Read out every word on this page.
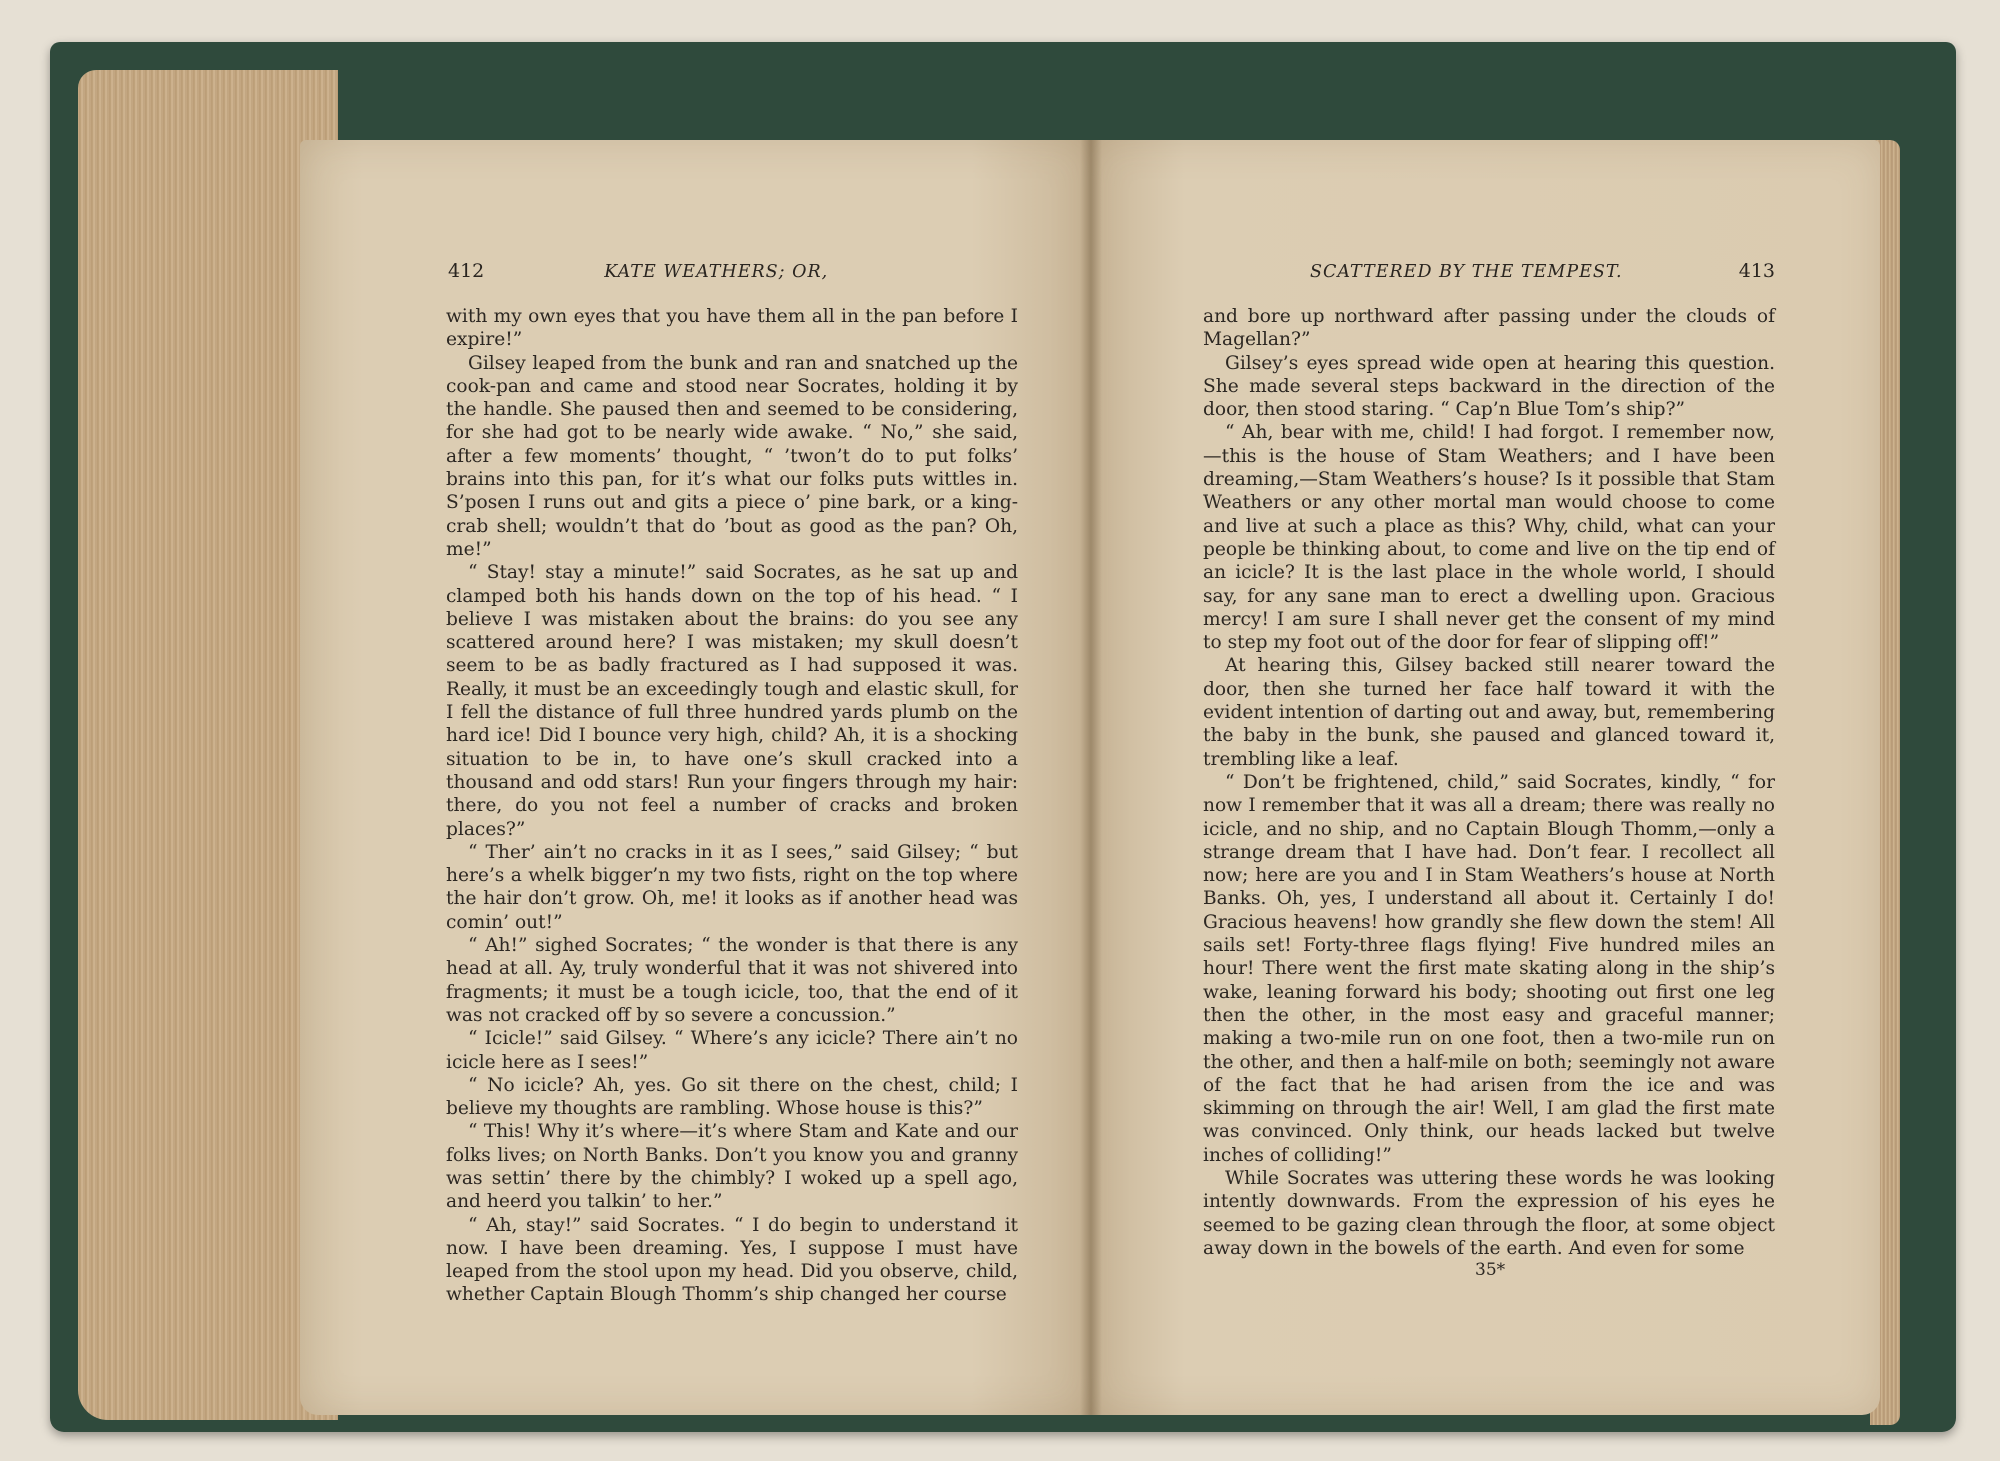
412	KATE WEATHERS; OR,	SCATTERED BY THE TEMPEST.	413

with my own eyes that you have them all in the pan before I expire!”

Gilsey leaped from the bunk and ran and snatched up the cook-pan and came and stood near Socrates, holding it by the handle. She paused then and seemed to be considering, for she had got to be nearly wide awake. “ No,” she said, after a few moments’ thought, “ ’twon’t do to put folks’ brains into this pan, for it’s what our folks puts wittles in. S’posen I runs out and gits a piece o’ pine bark, or a king-crab shell; wouldn’t that do ’bout as good as the pan? Oh, me!”

“ Stay! stay a minute!” said Socrates, as he sat up and clamped both his hands down on the top of his head. “ I believe I was mistaken about the brains: do you see any scattered around here? I was mistaken; my skull doesn’t seem to be as badly fractured as I had supposed it was. Really, it must be an exceedingly tough and elastic skull, for I fell the distance of full three hundred yards plumb on the hard ice! Did I bounce very high, child? Ah, it is a shocking situation to be in, to have one’s skull cracked into a thousand and odd stars! Run your fingers through my hair: there, do you not feel a number of cracks and broken places?”

“ Ther’ ain’t no cracks in it as I sees,” said Gilsey; “ but here’s a whelk bigger’n my two fists, right on the top where the hair don’t grow. Oh, me! it looks as if another head was comin’ out!”

“ Ah!” sighed Socrates; “ the wonder is that there is any head at all. Ay, truly wonderful that it was not shivered into fragments; it must be a tough icicle, too, that the end of it was not cracked off by so severe a concussion.”

“ Icicle!” said Gilsey. “ Where’s any icicle? There ain’t no icicle here as I sees!”

“ No icicle? Ah, yes. Go sit there on the chest, child; I believe my thoughts are rambling. Whose house is this?”

“ This! Why it’s where—it’s where Stam and Kate and our folks lives; on North Banks. Don’t you know you and granny was settin’ there by the chimbly? I woked up a spell ago, and heerd you talkin’ to her.”

“ Ah, stay!” said Socrates. “ I do begin to understand it now. I have been dreaming. Yes, I suppose I must have leaped from the stool upon my head. Did you observe, child, whether Captain Blough Thomm’s ship changed her course

and bore up northward after passing under the clouds of Magellan?”

Gilsey’s eyes spread wide open at hearing this question. She made several steps backward in the direction of the door, then stood staring. “ Cap’n Blue Tom’s ship?”

“ Ah, bear with me, child! I had forgot. I remember now,—this is the house of Stam Weathers; and I have been dreaming,—Stam Weathers’s house? Is it possible that Stam Weathers or any other mortal man would choose to come and live at such a place as this? Why, child, what can your people be thinking about, to come and live on the tip end of an icicle? It is the last place in the whole world, I should say, for any sane man to erect a dwelling upon. Gracious mercy! I am sure I shall never get the consent of my mind to step my foot out of the door for fear of slipping off!”

At hearing this, Gilsey backed still nearer toward the door, then she turned her face half toward it with the evident intention of darting out and away, but, remembering the baby in the bunk, she paused and glanced toward it, trembling like a leaf.

“ Don’t be frightened, child,” said Socrates, kindly, “ for now I remember that it was all a dream; there was really no icicle, and no ship, and no Captain Blough Thomm,—only a strange dream that I have had. Don’t fear. I recollect all now; here are you and I in Stam Weathers’s house at North Banks. Oh, yes, I understand all about it. Certainly I do! Gracious heavens! how grandly she flew down the stem! All sails set! Forty-three flags flying! Five hundred miles an hour! There went the first mate skating along in the ship’s wake, leaning forward his body; shooting out first one leg then the other, in the most easy and graceful manner; making a two-mile run on one foot, then a two-mile run on the other, and then a half-mile on both; seemingly not aware of the fact that he had arisen from the ice and was skimming on through the air! Well, I am glad the first mate was convinced. Only think, our heads lacked but twelve inches of colliding!”

While Socrates was uttering these words he was looking intently downwards. From the expression of his eyes he seemed to be gazing clean through the floor, at some object away down in the bowels of the earth. And even for some

35*
